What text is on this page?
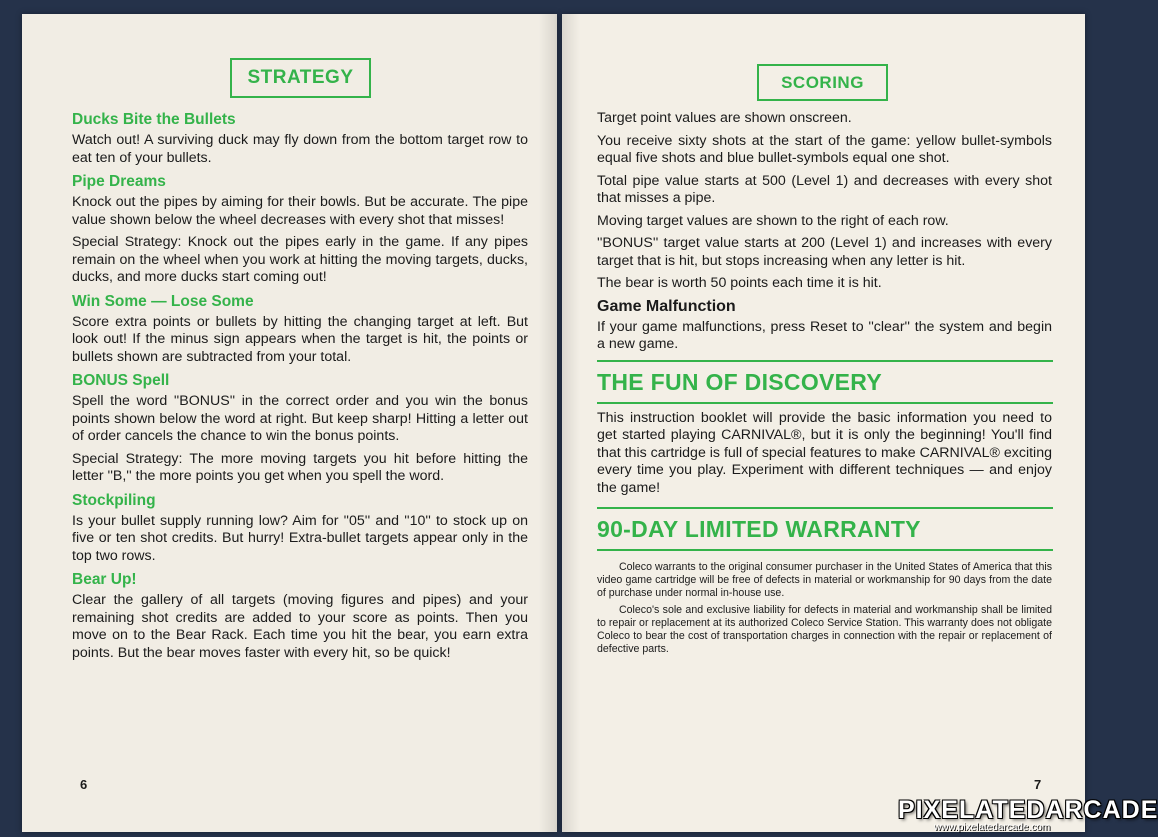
STRATEGY
Ducks Bite the Bullets

Watch out! A surviving duck may fly down from the bottom target row to eat ten of your bullets.

Pipe Dreams

Knock out the pipes by aiming for their bowls. But be accurate. The pipe value shown below the wheel decreases with every shot that misses!

Special Strategy: Knock out the pipes early in the game. If any pipes remain on the wheel when you work at hitting the moving targets, ducks, ducks, and more ducks start coming out!

Win Some — Lose Some

Score extra points or bullets by hitting the changing target at left. But look out! If the minus sign appears when the target is hit, the points or bullets shown are subtracted from your total.

BONUS Spell

Spell the word ''BONUS'' in the correct order and you win the bonus points shown below the word at right. But keep sharp! Hitting a letter out of order cancels the chance to win the bonus points.

Special Strategy: The more moving targets you hit before hitting the letter ''B,'' the more points you get when you spell the word.

Stockpiling

Is your bullet supply running low? Aim for ''05'' and ''10'' to stock up on five or ten shot credits. But hurry! Extra-bullet targets appear only in the top two rows.

Bear Up!

Clear the gallery of all targets (moving figures and pipes) and your remaining shot credits are added to your score as points. Then you move on to the Bear Rack. Each time you hit the bear, you earn extra points. But the bear moves faster with every hit, so be quick!

6
SCORING

Target point values are shown onscreen.

You receive sixty shots at the start of the game: yellow bullet-symbols equal five shots and blue bullet-symbols equal one shot.

Total pipe value starts at 500 (Level 1) and decreases with every shot that misses a pipe.

Moving target values are shown to the right of each row.

''BONUS'' target value starts at 200 (Level 1) and increases with every target that is hit, but stops increasing when any letter is hit.

The bear is worth 50 points each time it is hit.

Game Malfunction

If your game malfunctions, press Reset to ''clear'' the system and begin a new game.

THE FUN OF DISCOVERY

This instruction booklet will provide the basic information you need to get started playing CARNIVAL®, but it is only the beginning! You'll find that this cartridge is full of special features to make CARNIVAL® exciting every time you play. Experiment with different techniques — and enjoy the game!

90-DAY LIMITED WARRANTY

Coleco warrants to the original consumer purchaser in the United States of America that this video game cartridge will be free of defects in material or workmanship for 90 days from the date of purchase under normal in-house use.

Coleco's sole and exclusive liability for defects in material and workmanship shall be limited to repair or replacement at its authorized Coleco Service Station. This warranty does not obligate Coleco to bear the cost of transportation charges in connection with the repair or replacement of defective parts.

7
PIXELATEDARCADE
www.pixelatedarcade.com
